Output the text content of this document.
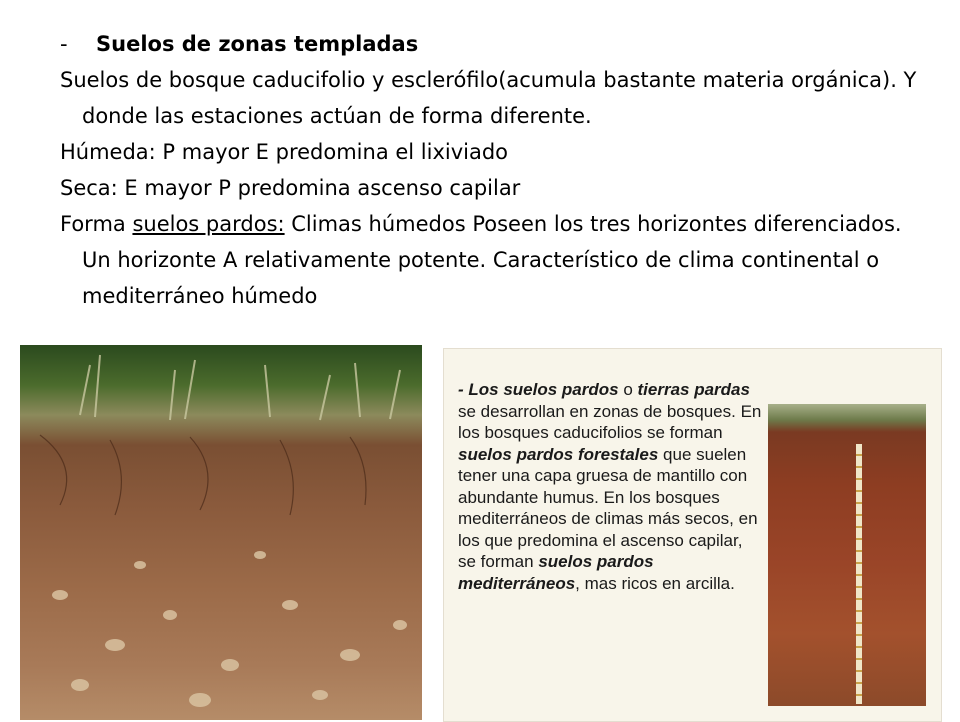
- Suelos de zonas templadas

Suelos de bosque caducifolio y esclerófilo(acumula bastante materia orgánica). Y donde las estaciones actúan de forma diferente.

Húmeda: P mayor E predomina el lixiviado

Seca: E mayor P predomina ascenso capilar

Forma suelos pardos: Climas húmedos Poseen los tres horizontes diferenciados. Un horizonte A relativamente potente. Característico de clima continental o mediterráneo húmedo

- Los suelos pardos o tierras pardas se desarrollan en zonas de bosques. En los bosques caducifolios se forman suelos pardos forestales que suelen tener una capa gruesa de mantillo con abundante humus. En los bosques mediterráneos de climas más secos, en los que predomina el ascenso capilar, se forman suelos pardos mediterráneos, mas ricos en arcilla.
